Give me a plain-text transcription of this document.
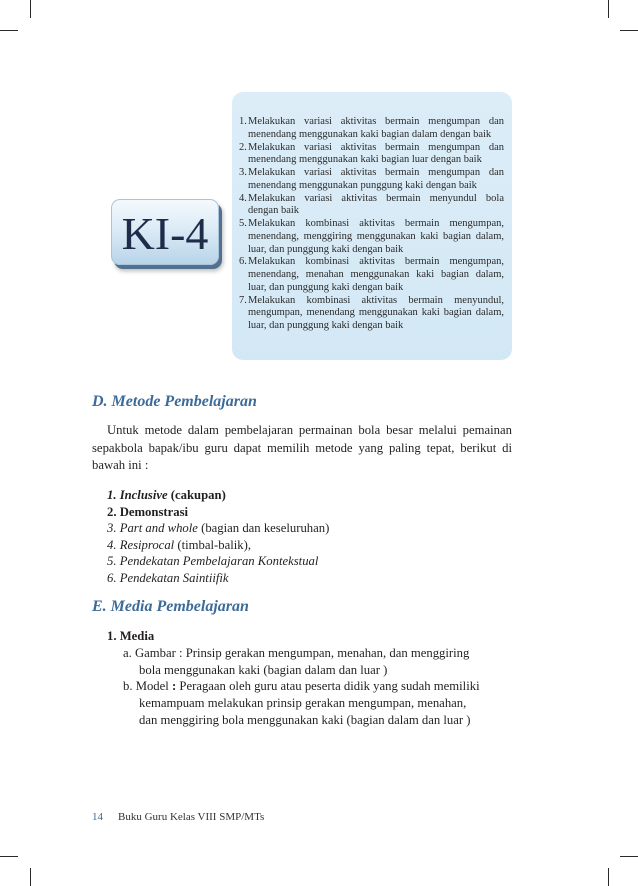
KI-4
1. Melakukan variasi aktivitas bermain mengumpan dan
menendang menggunakan kaki bagian dalam dengan baik
2. Melakukan variasi aktivitas bermain mengumpan dan
menendang menggunakan kaki bagian luar dengan baik
3. Melakukan variasi aktivitas bermain mengumpan dan
menendang menggunakan punggung kaki dengan baik
4. Melakukan variasi aktivitas bermain menyundul bola
dengan baik
5. Melakukan kombinasi aktivitas bermain mengumpan,
menendang, menggiring menggunakan kaki bagian dalam,
luar, dan punggung kaki dengan baik
6. Melakukan kombinasi aktivitas bermain mengumpan,
menendang, menahan menggunakan kaki bagian dalam,
luar, dan punggung kaki dengan baik
7. Melakukan kombinasi aktivitas bermain menyundul,
mengumpan, menendang menggunakan kaki bagian dalam,
luar, dan punggung kaki dengan baik
D. Metode Pembelajaran
Untuk metode dalam pembelajaran permainan bola besar melalui pemainan
sepakbola bapak/ibu guru dapat memilih metode yang paling tepat, berikut di
bawah ini :
1. Inclusive (cakupan)
2. Demonstrasi
3. Part and whole (bagian dan keseluruhan)
4. Resiprocal (timbal-balik),
5. Pendekatan Pembelajaran Kontekstual
6. Pendekatan Saintiifik
E. Media Pembelajaran
1. Media
a. Gambar : Prinsip gerakan mengumpan, menahan, dan menggiring
bola menggunakan kaki (bagian dalam dan luar )
b. Model : Peragaan oleh guru atau peserta didik yang sudah memiliki
kemampuam melakukan prinsip gerakan mengumpan, menahan,
dan menggiring bola menggunakan kaki (bagian dalam dan luar )
14 Buku Guru Kelas VIII SMP/MTs
